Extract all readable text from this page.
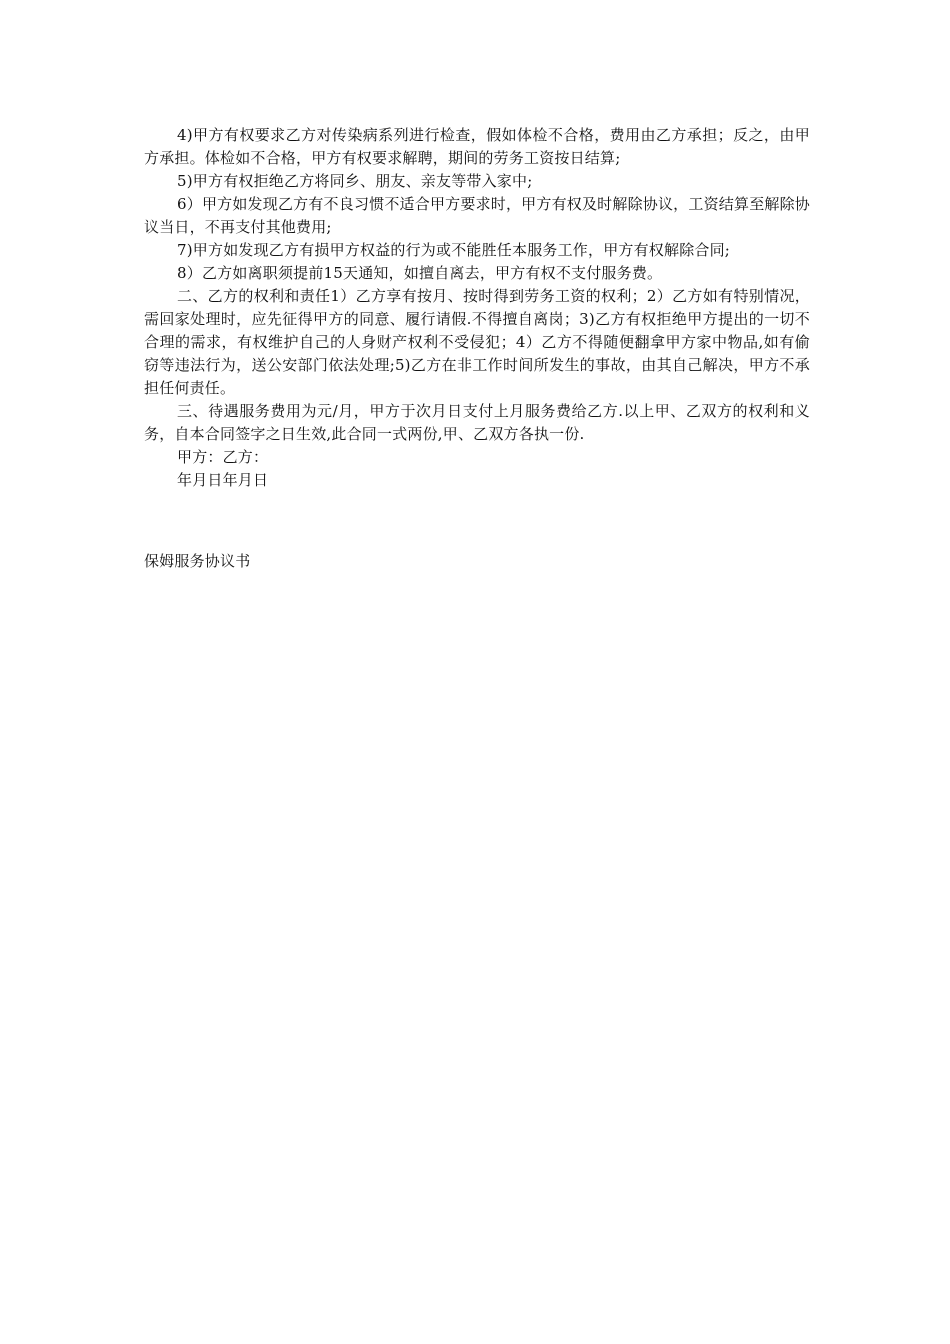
4)甲方有权要求乙方对传染病系列进行检查，假如体检不合格，费用由乙方承担；反之，由甲方承担。体检如不合格，甲方有权要求解聘，期间的劳务工资按日结算;

5)甲方有权拒绝乙方将同乡、朋友、亲友等带入家中;

6）甲方如发现乙方有不良习惯不适合甲方要求时，甲方有权及时解除协议，工资结算至解除协议当日，不再支付其他费用;

7)甲方如发现乙方有损甲方权益的行为或不能胜任本服务工作，甲方有权解除合同;

8）乙方如离职须提前15天通知，如擅自离去，甲方有权不支付服务费。

二、乙方的权利和责任1）乙方享有按月、按时得到劳务工资的权利；2）乙方如有特别情况，需回家处理时，应先征得甲方的同意、履行请假.不得擅自离岗；3)乙方有权拒绝甲方提出的一切不合理的需求，有权维护自己的人身财产权利不受侵犯；4）乙方不得随便翻拿甲方家中物品,如有偷窃等违法行为，送公安部门依法处理;5)乙方在非工作时间所发生的事故，由其自己解决，甲方不承担任何责任。

三、待遇服务费用为元/月，甲方于次月日支付上月服务费给乙方.以上甲、乙双方的权利和义务，自本合同签字之日生效,此合同一式两份,甲、乙双方各执一份.

甲方：乙方：

年月日年月日

保姆服务协议书
